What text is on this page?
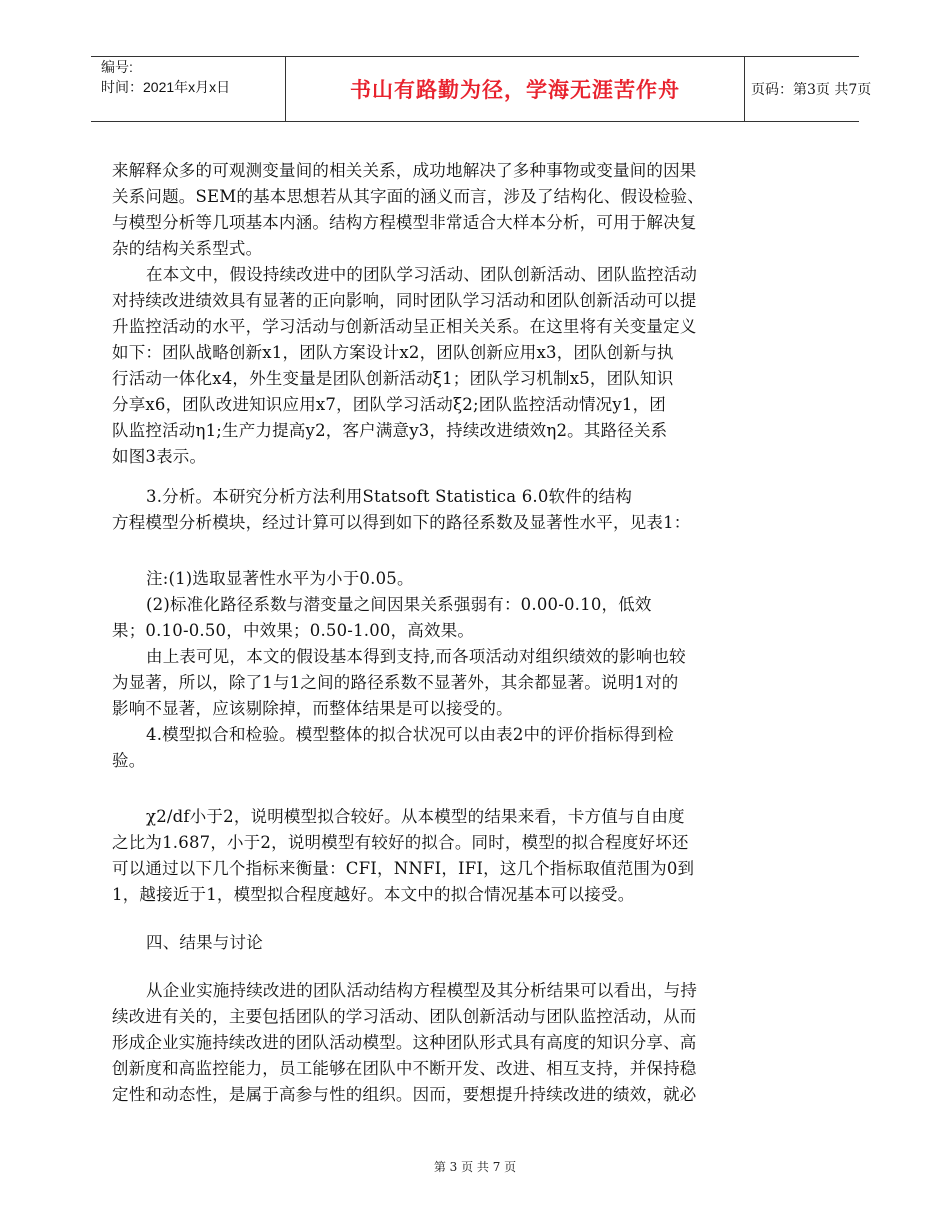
编号:
时间：2021年x月x日	书山有路勤为径，学海无涯苦作舟	页码：第3页 共7页
来解释众多的可观测变量间的相关关系，成功地解决了多种事物或变量间的因果
关系问题。SEM的基本思想若从其字面的涵义而言，涉及了结构化、假设检验、
与模型分析等几项基本内涵。结构方程模型非常适合大样本分析，可用于解决复
杂的结构关系型式。
在本文中，假设持续改进中的团队学习活动、团队创新活动、团队监控活动
对持续改进绩效具有显著的正向影响，同时团队学习活动和团队创新活动可以提
升监控活动的水平，学习活动与创新活动呈正相关关系。在这里将有关变量定义
如下：团队战略创新x1，团队方案设计x2，团队创新应用x3，团队创新与执
行活动一体化x4，外生变量是团队创新活动ξ1；团队学习机制x5，团队知识
分享x6，团队改进知识应用x7，团队学习活动ξ2;团队监控活动情况y1，团
队监控活动η1;生产力提高y2，客户满意y3，持续改进绩效η2。其路径关系
如图3表示。
3.分析。本研究分析方法利用Statsoft Statistica 6.0软件的结构
方程模型分析模块，经过计算可以得到如下的路径系数及显著性水平，见表1：
注:(1)选取显著性水平为小于0.05。
(2)标准化路径系数与潜变量之间因果关系强弱有：0.00-0.10，低效
果；0.10-0.50，中效果；0.50-1.00，高效果。
由上表可见，本文的假设基本得到支持,而各项活动对组织绩效的影响也较
为显著，所以，除了1与1之间的路径系数不显著外，其余都显著。说明1对的
影响不显著，应该剔除掉，而整体结果是可以接受的。
4.模型拟合和检验。模型整体的拟合状况可以由表2中的评价指标得到检
验。
χ2/df小于2，说明模型拟合较好。从本模型的结果来看，卡方值与自由度
之比为1.687，小于2，说明模型有较好的拟合。同时，模型的拟合程度好坏还
可以通过以下几个指标来衡量：CFI，NNFI，IFI，这几个指标取值范围为0到
1，越接近于1，模型拟合程度越好。本文中的拟合情况基本可以接受。
四、结果与讨论
从企业实施持续改进的团队活动结构方程模型及其分析结果可以看出，与持
续改进有关的，主要包括团队的学习活动、团队创新活动与团队监控活动，从而
形成企业实施持续改进的团队活动模型。这种团队形式具有高度的知识分享、高
创新度和高监控能力，员工能够在团队中不断开发、改进、相互支持，并保持稳
定性和动态性，是属于高参与性的组织。因而，要想提升持续改进的绩效，就必
第 3 页 共 7 页
